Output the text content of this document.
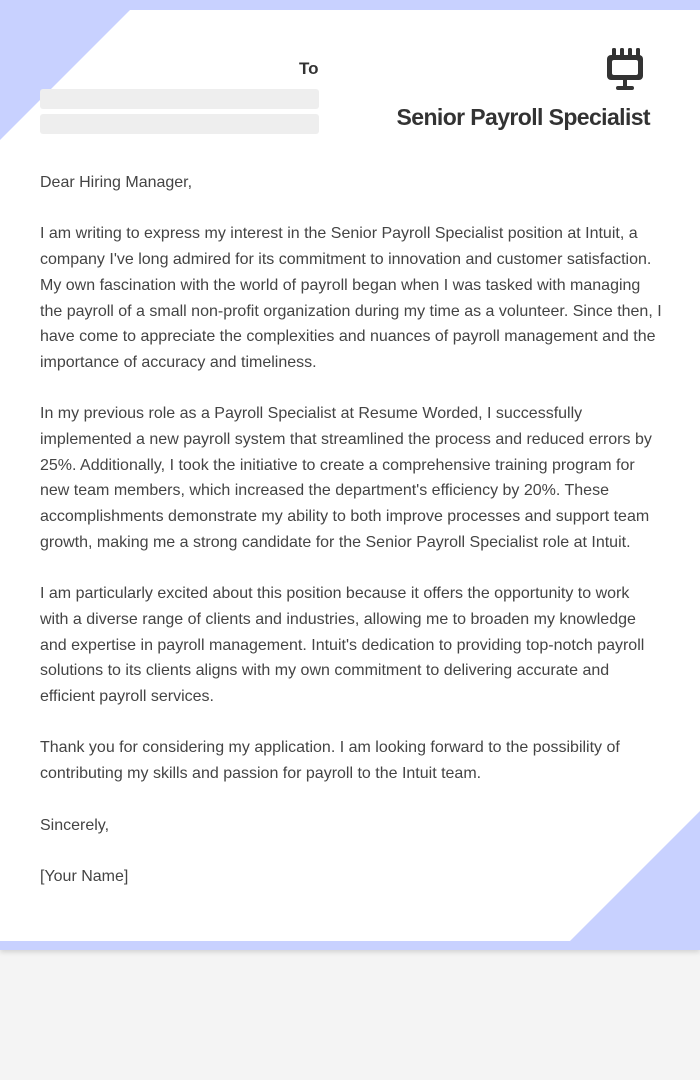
To
Senior Payroll Specialist

Dear Hiring Manager,

I am writing to express my interest in the Senior Payroll Specialist position at Intuit, a company I've long admired for its commitment to innovation and customer satisfaction. My own fascination with the world of payroll began when I was tasked with managing the payroll of a small non-profit organization during my time as a volunteer. Since then, I have come to appreciate the complexities and nuances of payroll management and the importance of accuracy and timeliness.

In my previous role as a Payroll Specialist at Resume Worded, I successfully implemented a new payroll system that streamlined the process and reduced errors by 25%. Additionally, I took the initiative to create a comprehensive training program for new team members, which increased the department's efficiency by 20%. These accomplishments demonstrate my ability to both improve processes and support team growth, making me a strong candidate for the Senior Payroll Specialist role at Intuit.

I am particularly excited about this position because it offers the opportunity to work with a diverse range of clients and industries, allowing me to broaden my knowledge and expertise in payroll management. Intuit's dedication to providing top-notch payroll solutions to its clients aligns with my own commitment to delivering accurate and efficient payroll services.

Thank you for considering my application. I am looking forward to the possibility of contributing my skills and passion for payroll to the Intuit team.

Sincerely,

[Your Name]
